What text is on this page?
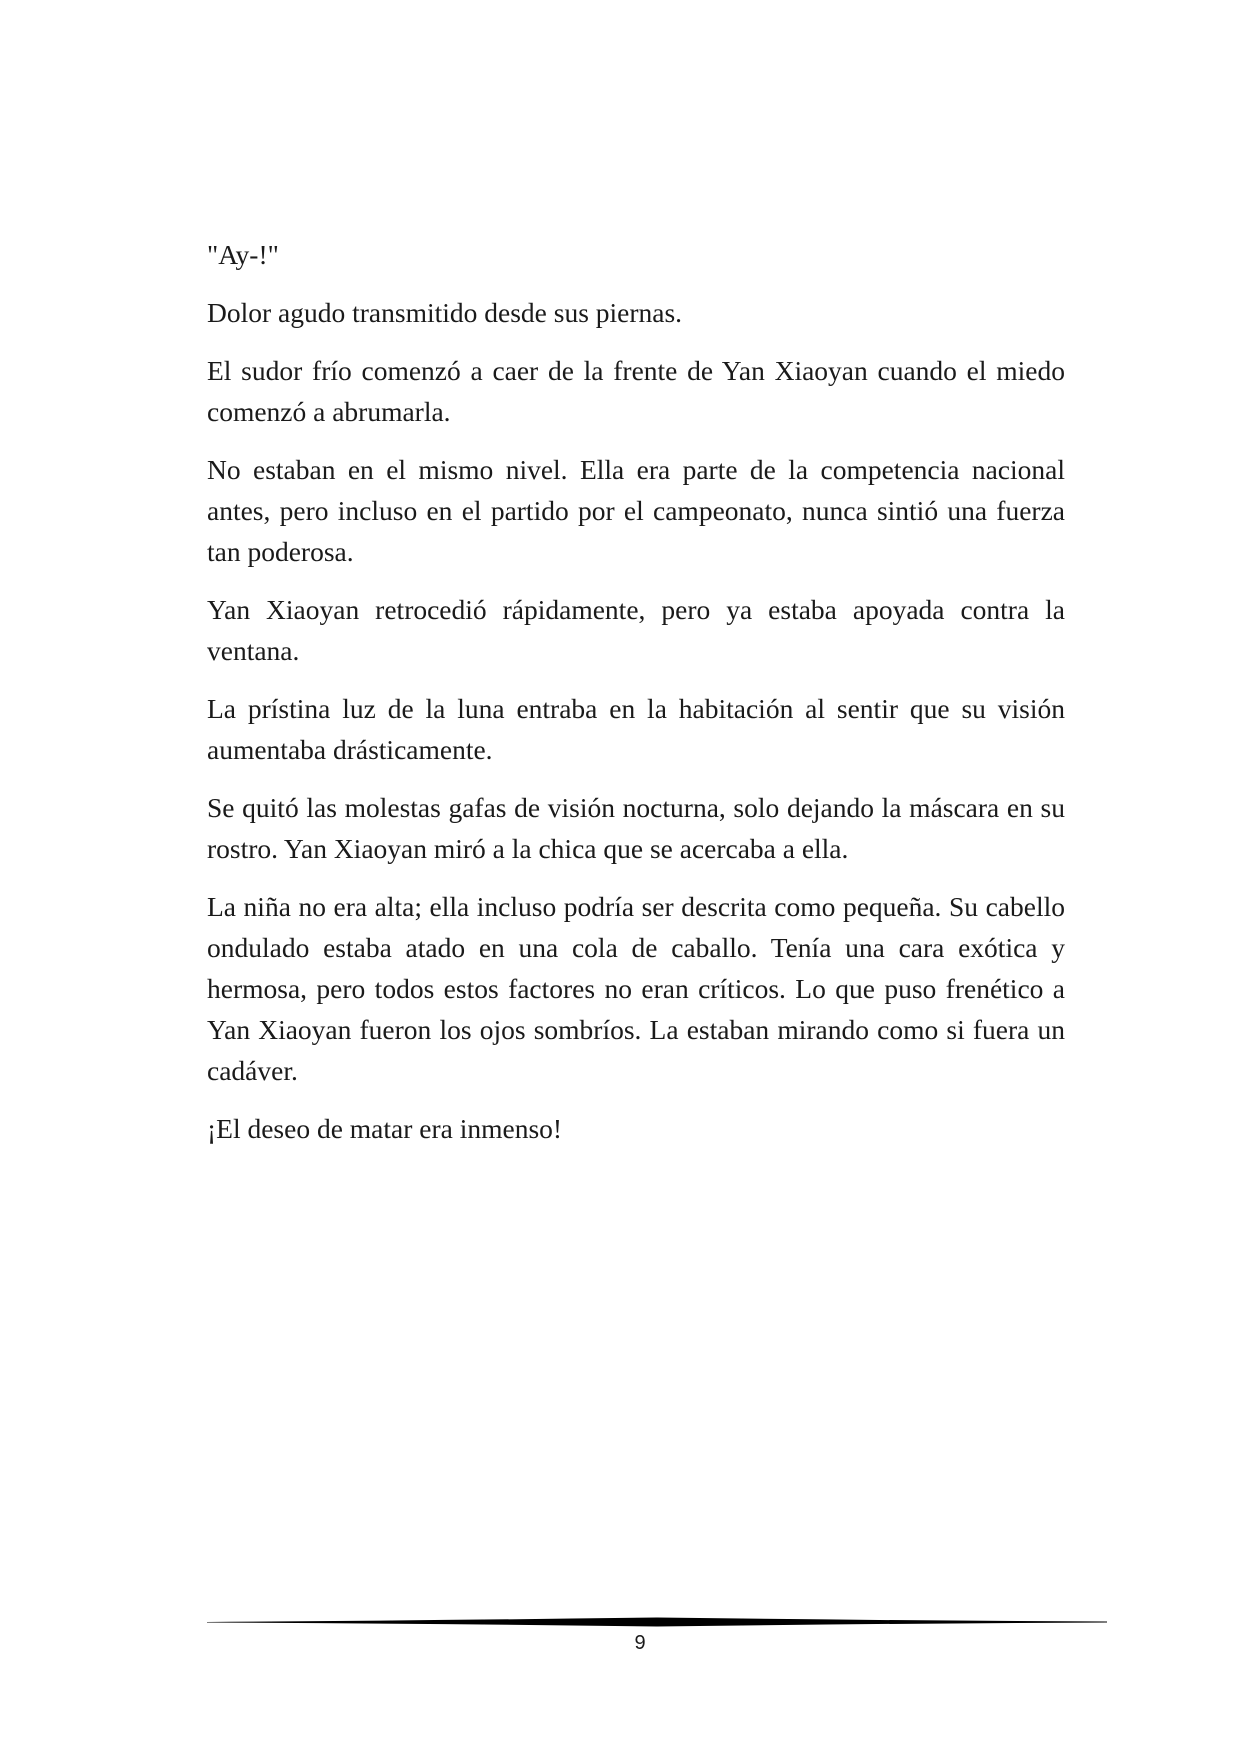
"Ay-!"

Dolor agudo transmitido desde sus piernas.

El sudor frío comenzó a caer de la frente de Yan Xiaoyan cuando el miedo comenzó a abrumarla.

No estaban en el mismo nivel. Ella era parte de la competencia nacional antes, pero incluso en el partido por el campeonato, nunca sintió una fuerza tan poderosa.

Yan Xiaoyan retrocedió rápidamente, pero ya estaba apoyada contra la ventana.

La prístina luz de la luna entraba en la habitación al sentir que su visión aumentaba drásticamente.

Se quitó las molestas gafas de visión nocturna, solo dejando la máscara en su rostro. Yan Xiaoyan miró a la chica que se acercaba a ella.

La niña no era alta; ella incluso podría ser descrita como pequeña. Su cabello ondulado estaba atado en una cola de caballo. Tenía una cara exótica y hermosa, pero todos estos factores no eran críticos. Lo que puso frenético a Yan Xiaoyan fueron los ojos sombríos. La estaban mirando como si fuera un cadáver.

¡El deseo de matar era inmenso!

9
